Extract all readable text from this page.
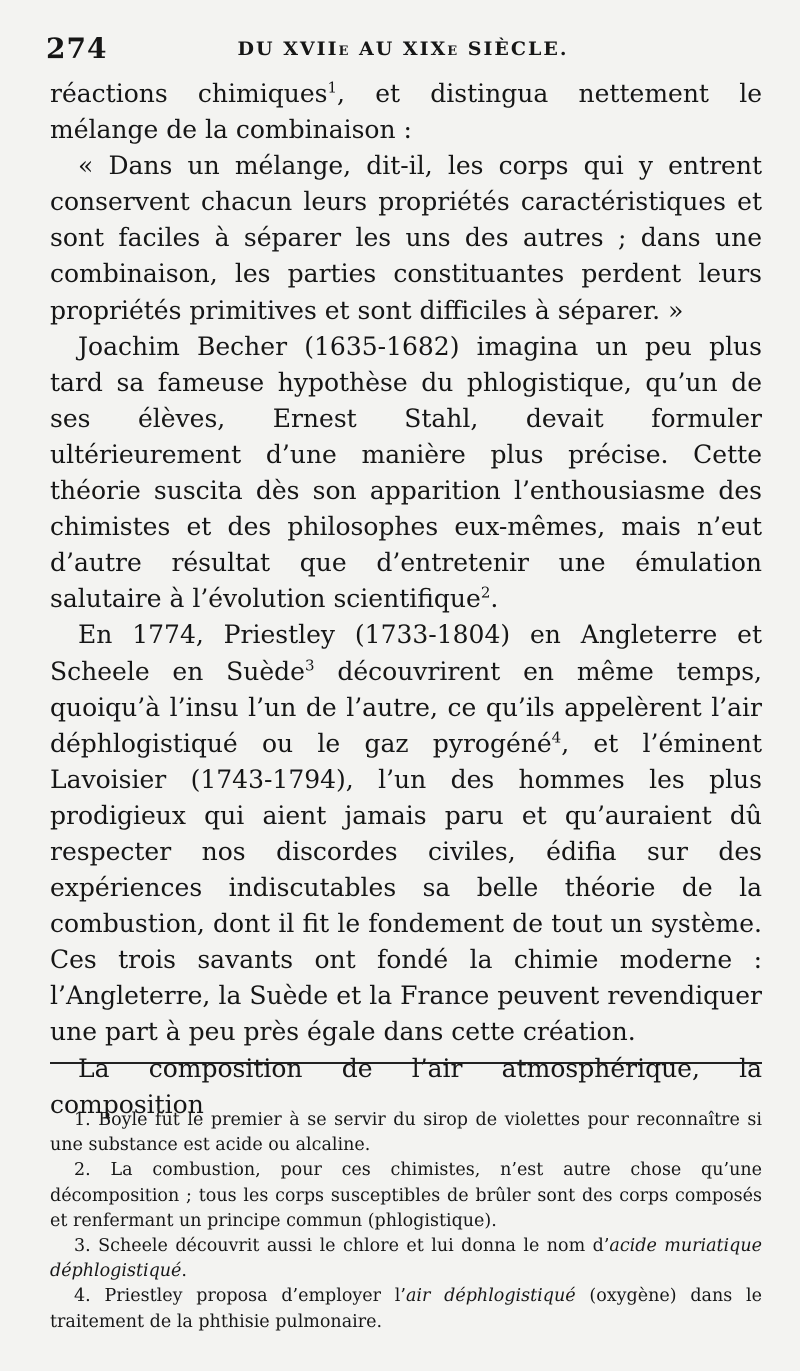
274	DU XVIIe AU XIXe SIÈCLE.

réactions chimiques$^1$, et distingua nettement le mélange de la combinaison :

« Dans un mélange, dit-il, les corps qui y entrent conservent chacun leurs propriétés caractéristiques et sont faciles à séparer les uns des autres ; dans une combinaison, les parties constituantes perdent leurs propriétés primitives et sont difficiles à séparer. »

Joachim Becher (1635-1682) imagina un peu plus tard sa fameuse hypothèse du phlogistique, qu’un de ses élèves, Ernest Stahl, devait formuler ultérieurement d’une manière plus précise. Cette théorie suscita dès son apparition l’enthousiasme des chimistes et des philosophes eux-mêmes, mais n’eut d’autre résultat que d’entretenir une émulation salutaire à l’évolution scientifique$^2$.

En 1774, Priestley (1733-1804) en Angleterre et Scheele en Suède$^3$ découvrirent en même temps, quoiqu’à l’insu l’un de l’autre, ce qu’ils appelèrent l’air déphlogistiqué ou le gaz pyrogéné$^4$, et l’éminent Lavoisier (1743-1794), l’un des hommes les plus prodigieux qui aient jamais paru et qu’auraient dû respecter nos discordes civiles, édifia sur des expériences indiscutables sa belle théorie de la combustion, dont il fit le fondement de tout un système. Ces trois savants ont fondé la chimie moderne : l’Angleterre, la Suède et la France peuvent revendiquer une part à peu près égale dans cette création.

La composition de l’air atmosphérique, la composition

1. Boyle fut le premier à se servir du sirop de violettes pour reconnaître si une substance est acide ou alcaline.

2. La combustion, pour ces chimistes, n’est autre chose qu’une décomposition ; tous les corps susceptibles de brûler sont des corps composés et renfermant un principe commun (phlogistique).

3. Scheele découvrit aussi le chlore et lui donna le nom d’acide muriatique déphlogistiqué.

4. Priestley proposa d’employer l’air déphlogistiqué (oxygène) dans le traitement de la phthisie pulmonaire.
